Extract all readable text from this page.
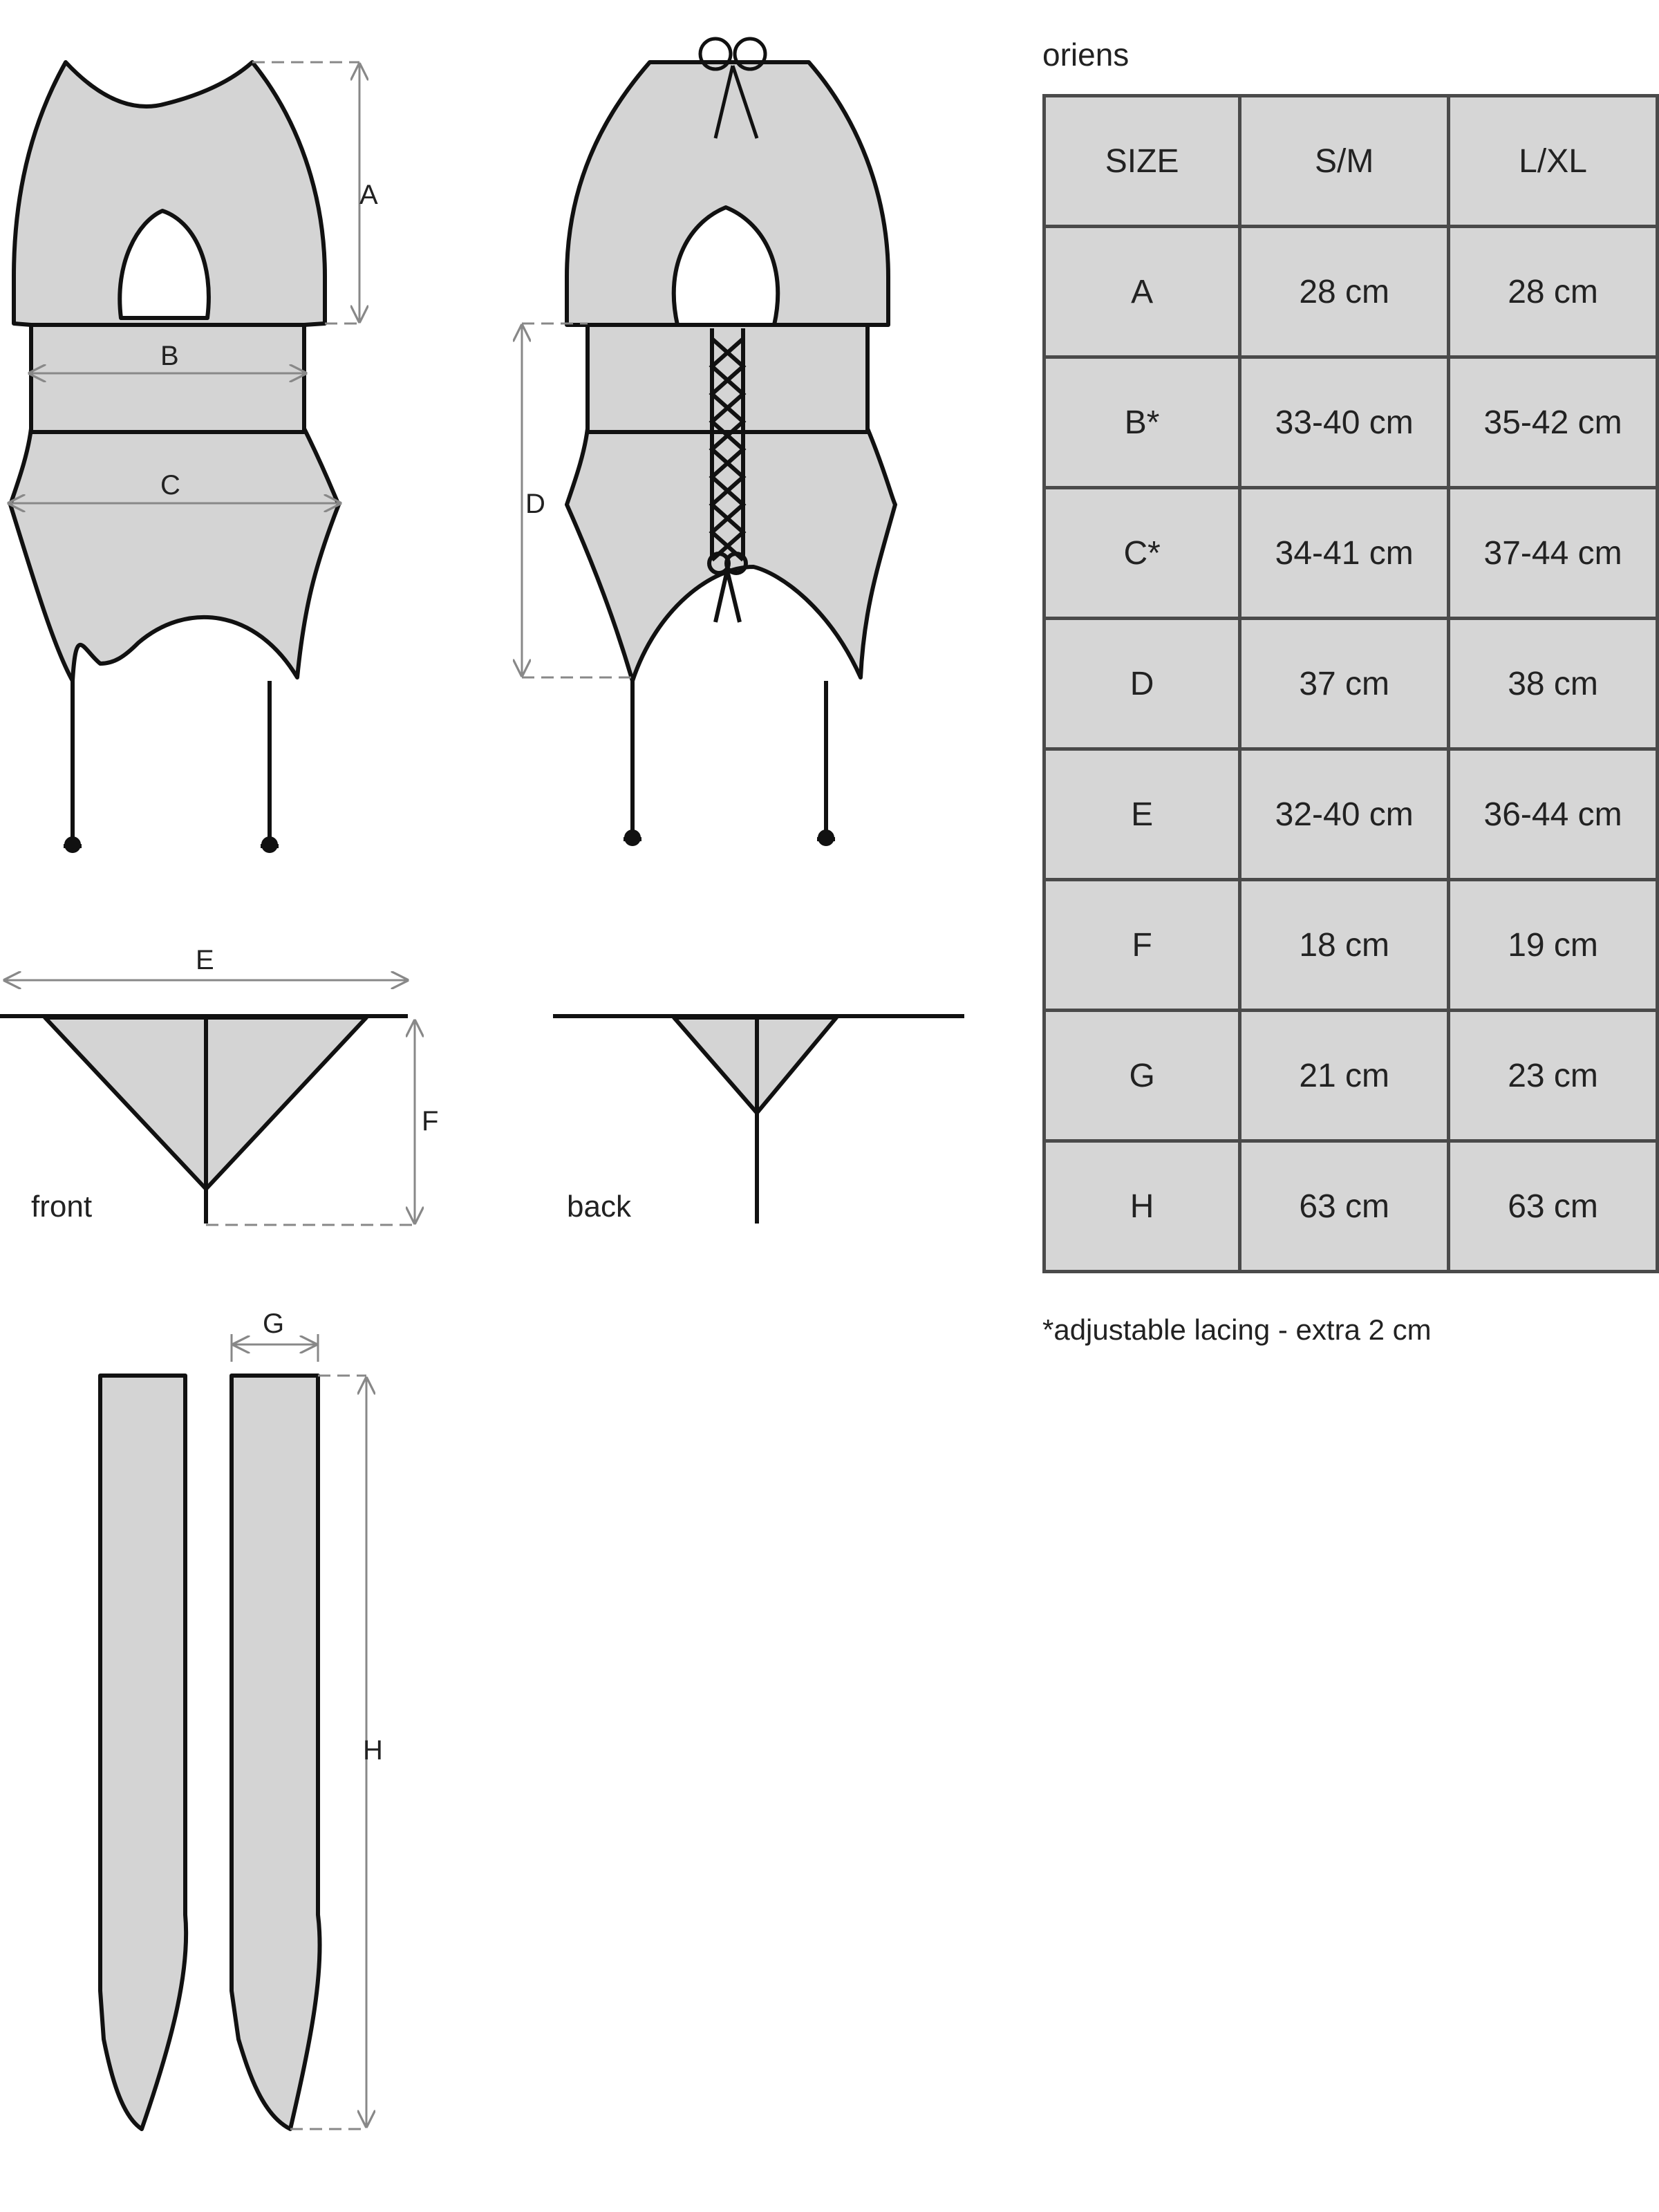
A
B
C
D
E
F
front	back
G
H
oriens
SIZE	S/M	L/XL
A	28 cm	28 cm
B*	33-40 cm	35-42 cm
C*	34-41 cm	37-44 cm
D	37 cm	38 cm
E	32-40 cm	36-44 cm
F	18 cm	19 cm
G	21 cm	23 cm
H	63 cm	63 cm
*adjustable lacing - extra 2 cm
